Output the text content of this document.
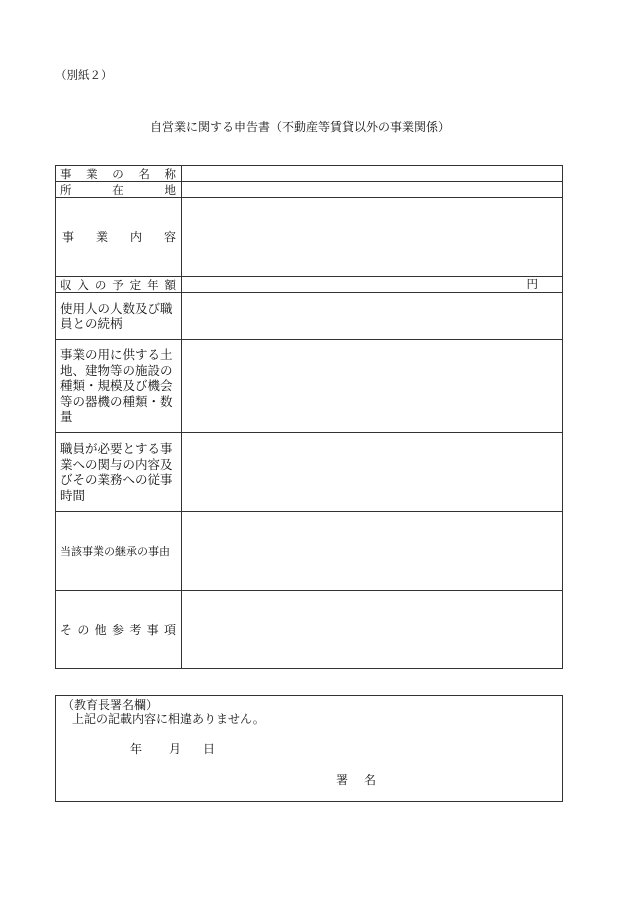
（別紙２）
自営業に関する申告書（不動産等賃貸以外の事業関係）
事業の名称
所在地
事業内容
収入の予定年額	円
使用人の人数及び職
員との続柄
事業の用に供する土
地、建物等の施設の
種類・規模及び機会
等の器機の種類・数
量
職員が必要とする事
業への関与の内容及
びその業務への従事
時間
当該事業の継承の事由
その他参考事項
（教育長署名欄）
上記の記載内容に相違ありません。
年 月 日
署名
